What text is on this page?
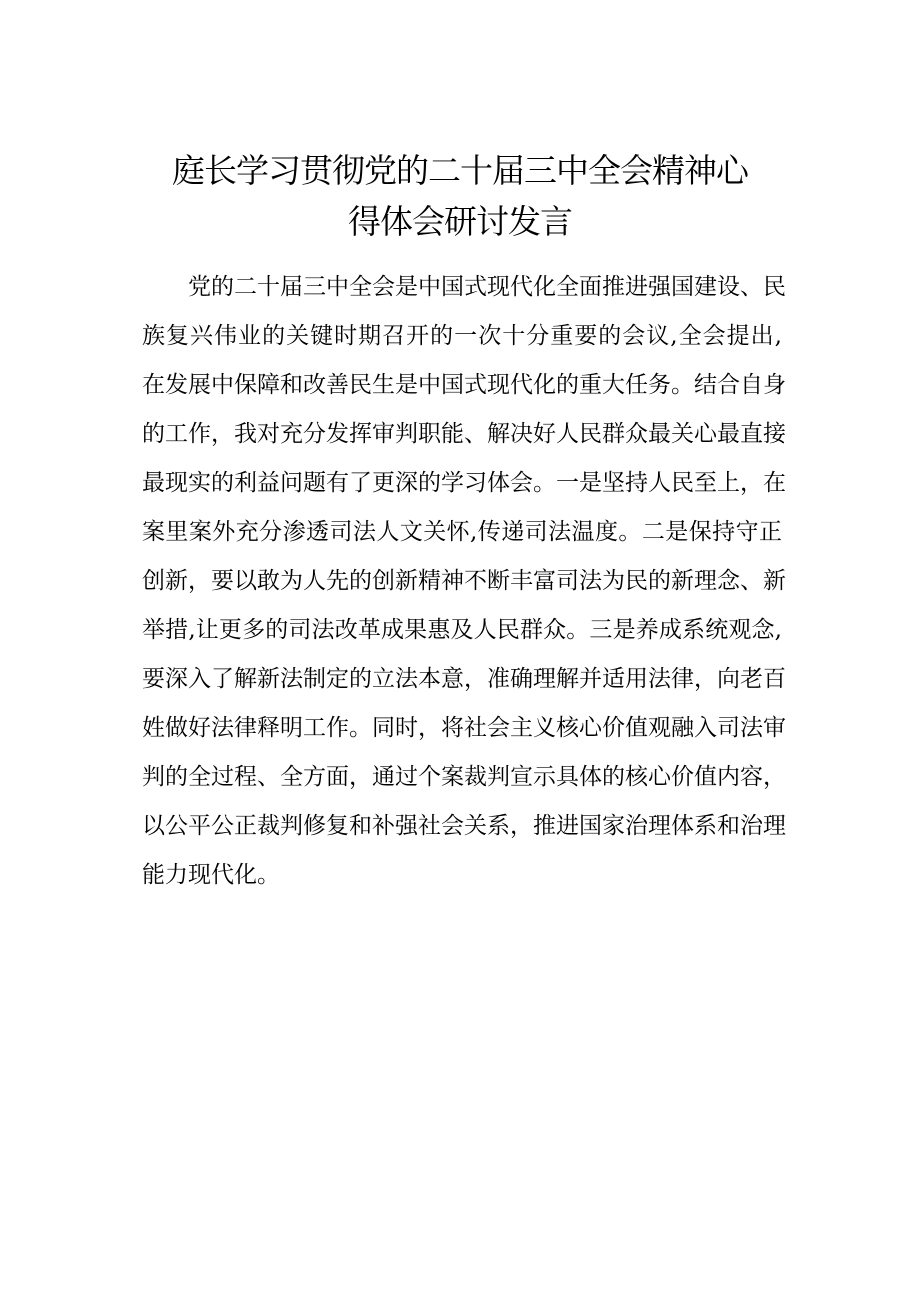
庭长学习贯彻党的二十届三中全会精神心
得体会研讨发言
党的二十届三中全会是中国式现代化全面推进强国建设、民
族复兴伟业的关键时期召开的一次十分重要的会议,全会提出,
在发展中保障和改善民生是中国式现代化的重大任务。结合自身
的工作，我对充分发挥审判职能、解决好人民群众最关心最直接
最现实的利益问题有了更深的学习体会。一是坚持人民至上，在
案里案外充分渗透司法人文关怀,传递司法温度。二是保持守正
创新，要以敢为人先的创新精神不断丰富司法为民的新理念、新
举措,让更多的司法改革成果惠及人民群众。三是养成系统观念,
要深入了解新法制定的立法本意，准确理解并适用法律，向老百
姓做好法律释明工作。同时，将社会主义核心价值观融入司法审
判的全过程、全方面，通过个案裁判宣示具体的核心价值内容，
以公平公正裁判修复和补强社会关系，推进国家治理体系和治理
能力现代化。
